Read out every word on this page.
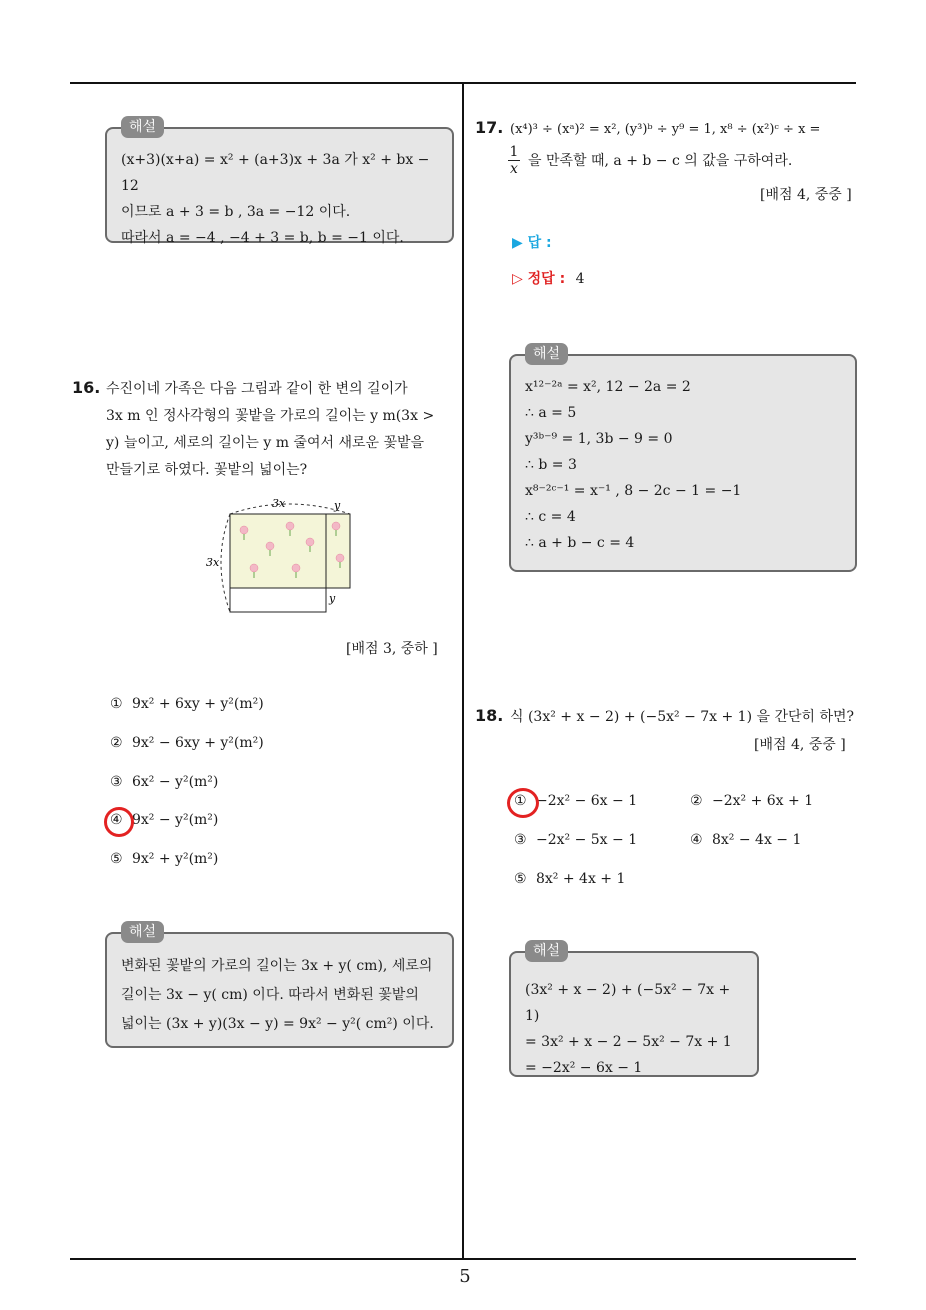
5
해설
(x+3)(x+a) = x² + (a+3)x + 3a 가 x² + bx − 12
이므로 a + 3 = b , 3a = −12 이다.
따라서 a = −4 , −4 + 3 = b, b = −1 이다.
16. 수진이네 가족은 다음 그림과 같이 한 변의 길이가
3x m 인 정사각형의 꽃밭을 가로의 길이는 y m(3x >
y) 늘이고, 세로의 길이는 y m 줄여서 새로운 꽃밭을
만들기로 하였다. 꽃밭의 넓이는?
3x
3x
y
y
[배점 3, 중하 ]
① 9x² + 6xy + y²(m²)
② 9x² − 6xy + y²(m²)
③ 6x² − y²(m²)
④ 9x² − y²(m²)
⑤ 9x² + y²(m²)
해설
변화된 꽃밭의 가로의 길이는 3x + y( cm), 세로의
길이는 3x − y( cm) 이다. 따라서 변화된 꽃밭의
넓이는 (3x + y)(3x − y) = 9x² − y²( cm²) 이다.
17. (x⁴)³ ÷ (xᵃ)² = x², (y³)ᵇ ÷ y⁹ = 1, x⁸ ÷ (x²)ᶜ ÷ x =
$\frac{1}{x}$ 을 만족할 때, a + b − c 의 값을 구하여라.
[배점 4, 중중 ]
▶ 답 :
▷ 정답 : 4
해설
x¹²⁻²ᵃ = x², 12 − 2a = 2
∴ a = 5
y³ᵇ⁻⁹ = 1, 3b − 9 = 0
∴ b = 3
x⁸⁻²ᶜ⁻¹ = x⁻¹ , 8 − 2c − 1 = −1
∴ c = 4
∴ a + b − c = 4
18. 식 (3x² + x − 2) + (−5x² − 7x + 1) 을 간단히 하면?
[배점 4, 중중 ]
① −2x² − 6x − 1	② −2x² + 6x + 1
③ −2x² − 5x − 1	④ 8x² − 4x − 1
⑤ 8x² + 4x + 1
해설
(3x² + x − 2) + (−5x² − 7x + 1)
= 3x² + x − 2 − 5x² − 7x + 1
= −2x² − 6x − 1
